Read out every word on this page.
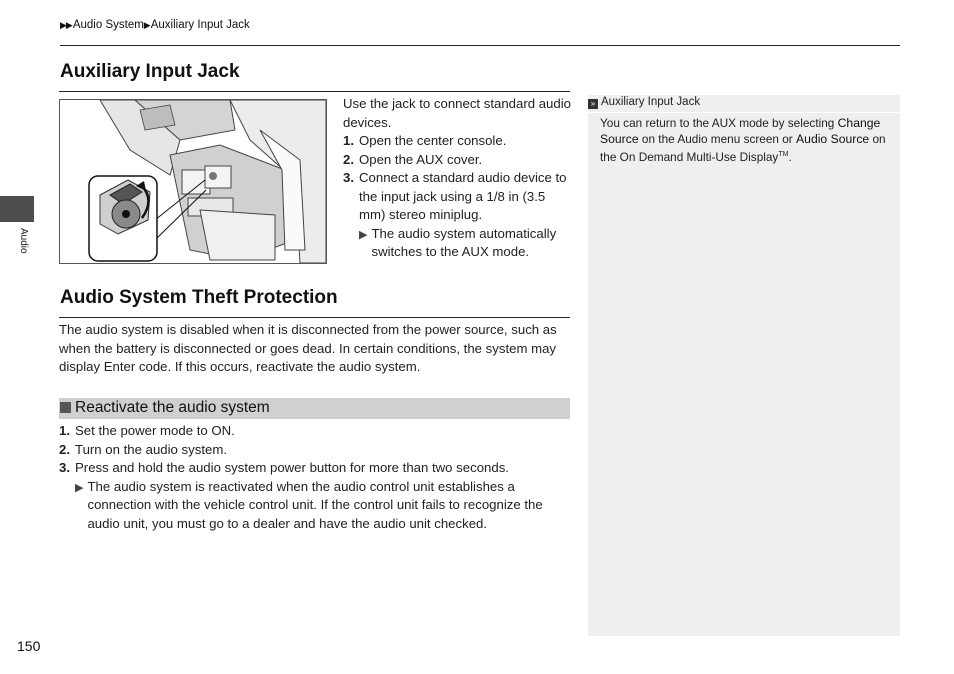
▶▶Audio System▶Auxiliary Input Jack
Audio
Auxiliary Input Jack

Use the jack to connect standard audio devices.

1. Open the center console.
2. Open the AUX cover.
3. Connect a standard audio device to the input jack using a 1/8 in (3.5 mm) stereo miniplug.
▶ The audio system automatically switches to the AUX mode.
Audio System Theft Protection

The audio system is disabled when it is disconnected from the power source, such as when the battery is disconnected or goes dead. In certain conditions, the system may display Enter code. If this occurs, reactivate the audio system.

Reactivate the audio system
1. Set the power mode to ON.
2. Turn on the audio system.
3. Press and hold the audio system power button for more than two seconds.
▶ The audio system is reactivated when the audio control unit establishes a connection with the vehicle control unit. If the control unit fails to recognize the audio unit, you must go to a dealer and have the audio unit checked.
» Auxiliary Input Jack

You can return to the AUX mode by selecting Change Source on the Audio menu screen or Audio Source on the On Demand Multi-Use Display™.

150
